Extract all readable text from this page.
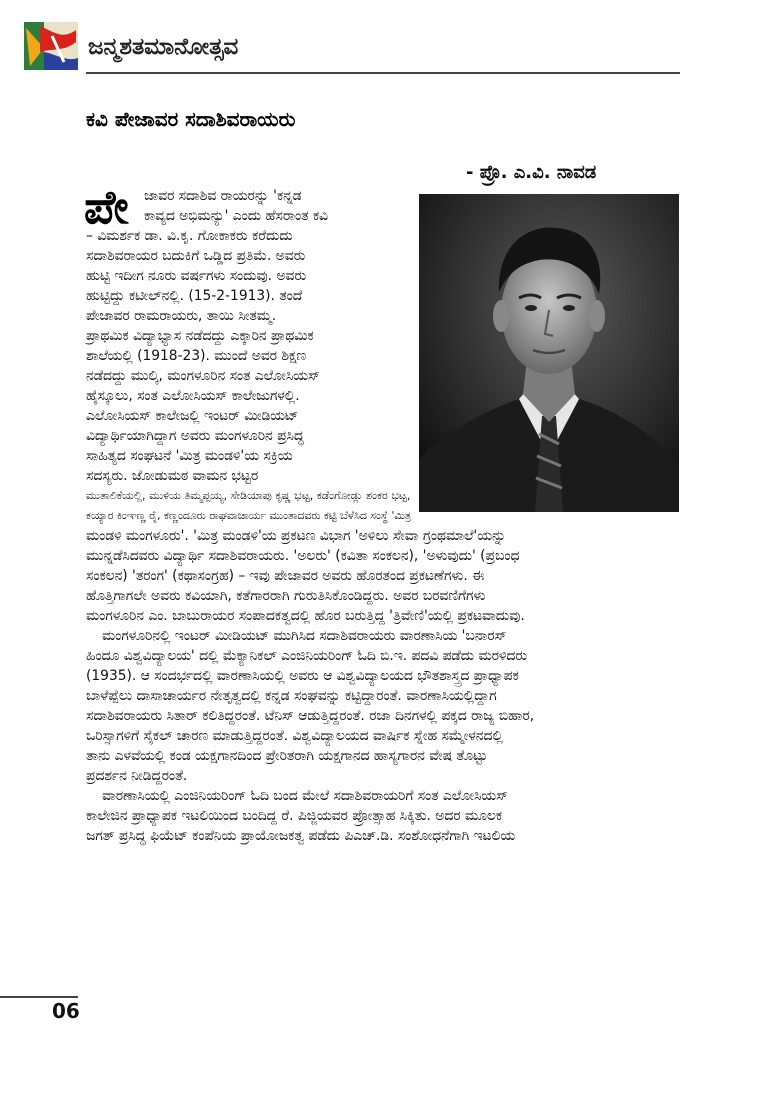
ಜನ್ಮಶತಮಾನೋತ್ಸವ
ಕವಿ ಪೇಜಾವರ ಸದಾಶಿವರಾಯರು
- ಪ್ರೊ. ಎ.ವಿ. ನಾವಡ
ಪೇ ಜಾವರ ಸದಾಶಿವ ರಾಯರನ್ನು 'ಕನ್ನಡ
ಕಾವ್ಯದ ಅಭಿಮನ್ಯು' ಎಂದು ಹೆಸರಾಂತ ಕವಿ
– ವಿಮರ್ಶಕ ಡಾ. ವಿ.ಕೃ. ಗೋಕಾಕರು ಕರೆದುದು
ಸದಾಶಿವರಾಯರ ಬದುಕಿಗೆ ಒಡ್ಡಿದ ಪ್ರತಿಮೆ. ಅವರು
ಹುಟ್ಟಿ ಇದೀಗ ನೂರು ವರ್ಷಗಳು ಸಂದುವು. ಅವರು
ಹುಟ್ಟಿದ್ದು ಕಟೀಲ್‌ನಲ್ಲಿ. (15-2-1913). ತಂದೆ
ಪೇಜಾವರ ರಾಮರಾಯರು, ತಾಯಿ ಸೀತಮ್ಮ.
ಪ್ರಾಥಮಿಕ ವಿದ್ಯಾಭ್ಯಾಸ ನಡೆದದ್ದು ಎಕ್ಕಾರಿನ ಪ್ರಾಥಮಿಕ
ಶಾಲೆಯಲ್ಲಿ (1918-23). ಮುಂದೆ ಅವರ ಶಿಕ್ಷಣ
ನಡೆದದ್ದು ಮುಲ್ಕಿ, ಮಂಗಳೂರಿನ ಸಂತ ಎಲೋಸಿಯಸ್
ಹೈಸ್ಕೂಲು, ಸಂತ ಎಲೋಸಿಯಸ್ ಕಾಲೇಜುಗಳಲ್ಲಿ.
ಎಲೋಸಿಯಸ್ ಕಾಲೇಜಲ್ಲಿ ಇಂಟರ್ ಮೀಡಿಯಟ್
ವಿದ್ಯಾರ್ಥಿಯಾಗಿದ್ದಾಗ ಅವರು ಮಂಗಳೂರಿನ ಪ್ರಸಿದ್ಧ
ಸಾಹಿತ್ಯದ ಸಂಘಟನೆ 'ಮಿತ್ರ ಮಂಡಳಿ'ಯ ಸಕ್ರಿಯ
ಸದಸ್ಯರು. ಜೋಡುಮಠ ವಾಮನ ಭಟ್ಟರ
ಮುತಾಲಿಕೆಯಲ್ಲಿ, ಮುಳಿಯ ತಿಮ್ಮಪ್ಪಯ್ಯ, ಸೇಡಿಯಾಪು ಕೃಷ್ಣ ಭಟ್ಟ, ಕಡೆಂಗೋಡ್ಲು ಶಂಕರ ಭಟ್ಟ,
ಕಯ್ಯಾರ ಕಿಂಞಣ್ಣ ರೈ, ಕಣ್ಣಂದೂರು ರಾಘವಾಚಾರ್ಯ ಮುಂತಾದವರು ಕಟ್ಟಿ ಬೆಳೆಸಿದ ಸಂಸ್ಥೆ 'ಮಿತ್ರ
ಮಂಡಳಿ ಮಂಗಳೂರು'. 'ಮಿತ್ರ ಮಂಡಳಿ'ಯ ಪ್ರಕಟಣ ವಿಭಾಗ 'ಅಳಿಲು ಸೇವಾ ಗ್ರಂಥಮಾಲೆ'ಯನ್ನು
ಮುನ್ನಡೆಸಿದವರು ವಿದ್ಯಾರ್ಥಿ ಸದಾಶಿವರಾಯರು. 'ಅಲರು' (ಕವಿತಾ ಸಂಕಲನ), 'ಅಳುವುದು' (ಪ್ರಬಂಧ
ಸಂಕಲನ) 'ತರಂಗ' (ಕಥಾಸಂಗ್ರಹ) – ಇವು ಪೇಜಾವರ ಅವರು ಹೊರತಂದ ಪ್ರಕಟಣೆಗಳು. ಈ
ಹೊತ್ತಿಗಾಗಲೇ ಅವರು ಕವಿಯಾಗಿ, ಕತೆಗಾರರಾಗಿ ಗುರುತಿಸಿಕೊಂಡಿದ್ದರು. ಅವರ ಬರವಣಿಗೆಗಳು
ಮಂಗಳೂರಿನ ಎಂ. ಬಾಬುರಾಯರ ಸಂಪಾದಕತ್ವದಲ್ಲಿ ಹೊರ ಬರುತ್ತಿದ್ದ 'ತ್ರಿವೇಣಿ'ಯಲ್ಲಿ ಪ್ರಕಟವಾದುವು.
ಮಂಗಳೂರಿನಲ್ಲಿ ಇಂಟರ್ ಮೀಡಿಯಟ್ ಮುಗಿಸಿದ ಸದಾಶಿವರಾಯರು ವಾರಣಾಸಿಯ 'ಬನಾರಸ್
ಹಿಂದೂ ವಿಶ್ವವಿದ್ಯಾಲಯ' ದಲ್ಲಿ ಮೆಕ್ಯಾನಿಕಲ್ ಎಂಜಿನಿಯರಿಂಗ್ ಓದಿ ಬಿ.ಇ. ಪದವಿ ಪಡೆದು ಮರಳಿದರು
(1935). ಆ ಸಂದರ್ಭದಲ್ಲಿ ವಾರಣಾಸಿಯಲ್ಲಿ ಅವರು ಆ ವಿಶ್ವವಿದ್ಯಾಲಯದ ಭೌತಶಾಸ್ತ್ರದ ಪ್ರಾಧ್ಯಾಪಕ
ಬಾಳೆಪ್ಪೆಲು ದಾಸಾಚಾರ್ಯರ ನೇತೃತ್ವದಲ್ಲಿ ಕನ್ನಡ ಸಂಘವನ್ನು ಕಟ್ಟಿದ್ದಾರಂತೆ. ವಾರಣಾಸಿಯಲ್ಲಿದ್ದಾಗ
ಸದಾಶಿವರಾಯರು ಸಿತಾರ್ ಕಲಿತಿದ್ದರಂತೆ. ಟೆನಿಸ್ ಆಡುತ್ತಿದ್ದರಂತೆ. ರಜಾ ದಿನಗಳಲ್ಲಿ ಪಕ್ಕದ ರಾಜ್ಯ ಬಿಹಾರ,
ಒರಿಸ್ಸಾಗಳಿಗೆ ಸೈಕಲ್ ಚಾರಣ ಮಾಡುತ್ತಿದ್ದರಂತೆ. ವಿಶ್ವವಿದ್ಯಾಲಯದ ವಾರ್ಷಿಕ ಸ್ನೇಹ ಸಮ್ಮೇಳನದಲ್ಲಿ
ತಾನು ಎಳವೆಯಲ್ಲಿ ಕಂಡ ಯಕ್ಷಗಾನದಿಂದ ಪ್ರೇರಿತರಾಗಿ ಯಕ್ಷಗಾನದ ಹಾಸ್ಯಗಾರನ ವೇಷ ತೊಟ್ಟು
ಪ್ರದರ್ಶನ ನೀಡಿದ್ದರಂತೆ.
ವಾರಣಾಸಿಯಲ್ಲಿ ಎಂಜಿನಿಯರಿಂಗ್ ಓದಿ ಬಂದ ಮೇಲೆ ಸದಾಶಿವರಾಯರಿಗೆ ಸಂತ ಎಲೋಸಿಯಸ್
ಕಾಲೇಜಿನ ಪ್ರಾಧ್ಯಾಪಕ ಇಟಲಿಯಿಂದ ಬಂದಿದ್ದ ರೆ. ಪಿಜ್ಜಿಯವರ ಪ್ರೋತ್ಸಾಹ ಸಿಕ್ಕಿತು. ಅದರ ಮೂಲಕ
ಜಗತ್ ಪ್ರಸಿದ್ಧ ಫಿಯೆಟ್ ಕಂಪೆನಿಯ ಪ್ರಾಯೋಜಕತ್ವ ಪಡೆದು ಪಿಎಚ್.ಡಿ. ಸಂಶೋಧನೆಗಾಗಿ ಇಟಲಿಯ
06
